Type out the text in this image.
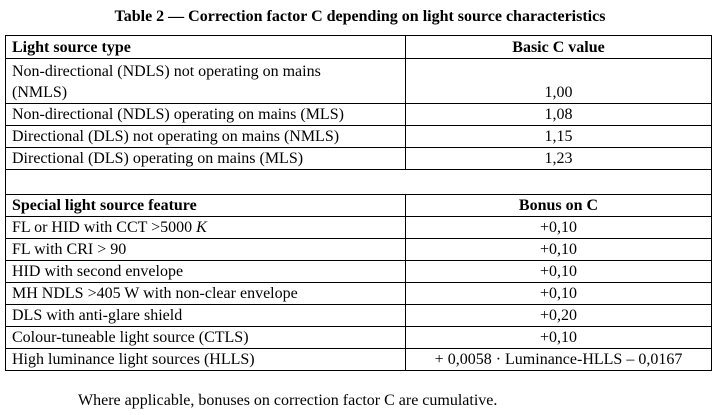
Table 2 — Correction factor C depending on light source characteristics
Light source type	Basic C value

Non-directional (NDLS) not operating on mains
(NMLS)	1,00
Non-directional (NDLS) operating on mains (MLS)	1,08
Directional (DLS) not operating on mains (NMLS)	1,15
Directional (DLS) operating on mains (MLS)	1,23

Special light source feature	Bonus on C
FL or HID with CCT >5000 K	+0,10
FL with CRI > 90	+0,10
HID with second envelope	+0,10
MH NDLS >405 W with non-clear envelope	+0,10
DLS with anti-glare shield	+0,20
Colour-tuneable light source (CTLS)	+0,10
High luminance light sources (HLLS)	+ 0,0058 · Luminance-HLLS – 0,0167
Where applicable, bonuses on correction factor C are cumulative.
